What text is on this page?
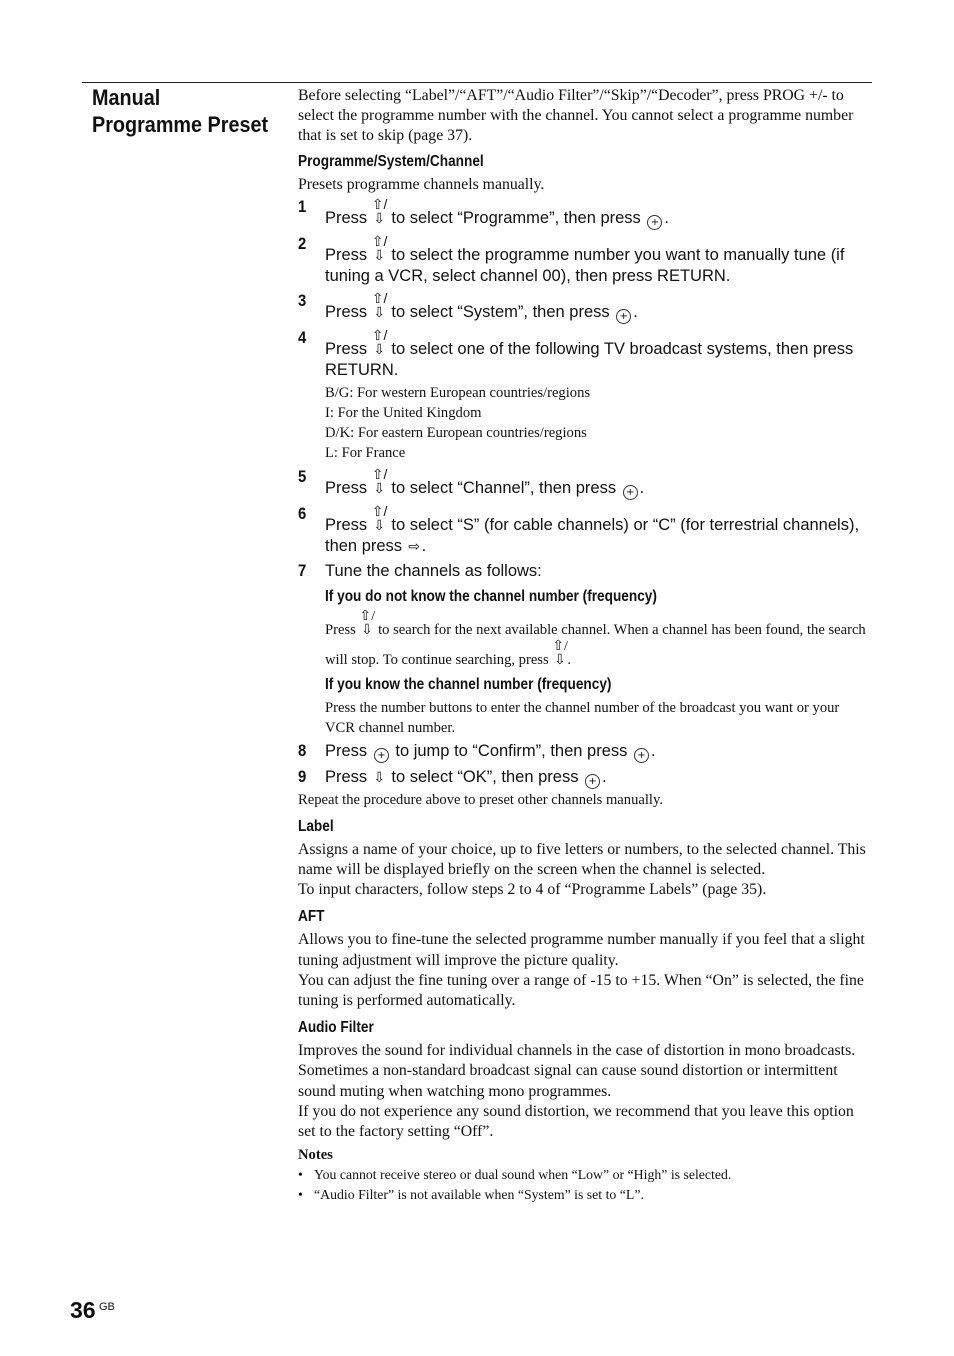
Manual Programme Preset

Before selecting “Label”/“AFT”/“Audio Filter”/“Skip”/“Decoder”, press PROG +/- to select the programme number with the channel. You cannot select a programme number that is set to skip (page 37).

Programme/System/Channel

Presets programme channels manually.

1
Press ⇧/⇩ to select “Programme”, then press + .

2
Press ⇧/⇩ to select the programme number you want to manually tune (if tuning a VCR, select channel 00), then press RETURN.

3
Press ⇧/⇩ to select “System”, then press + .

4
Press ⇧/⇩ to select one of the following TV broadcast systems, then press RETURN.

B/G: For western European countries/regions

I: For the United Kingdom

D/K: For eastern European countries/regions

L: For France

5
Press ⇧/⇩ to select “Channel”, then press + .

6
Press ⇧/⇩ to select “S” (for cable channels) or “C” (for terrestrial channels), then press ⇨.

7 Tune the channels as follows:

If you do not know the channel number (frequency)

Press ⇧/⇩ to search for the next available channel. When a channel has been found, the search will stop. To continue searching, press ⇧/⇩ .

If you know the channel number (frequency)

Press the number buttons to enter the channel number of the broadcast you want or your VCR channel number.

8 Press + to jump to “Confirm”, then press + .

9 Press ⇩ to select “OK”, then press + .

Repeat the procedure above to preset other channels manually.

Label

Assigns a name of your choice, up to five letters or numbers, to the selected channel. This name will be displayed briefly on the screen when the channel is selected.

To input characters, follow steps 2 to 4 of “Programme Labels” (page 35).

AFT

Allows you to fine-tune the selected programme number manually if you feel that a slight tuning adjustment will improve the picture quality.

You can adjust the fine tuning over a range of -15 to +15. When “On” is selected, the fine tuning is performed automatically.

Audio Filter

Improves the sound for individual channels in the case of distortion in mono broadcasts. Sometimes a non-standard broadcast signal can cause sound distortion or intermittent sound muting when watching mono programmes.

If you do not experience any sound distortion, we recommend that you leave this option set to the factory setting “Off”.

Notes

• You cannot receive stereo or dual sound when “Low” or “High” is selected.

• “Audio Filter” is not available when “System” is set to “L”.

36 GB
